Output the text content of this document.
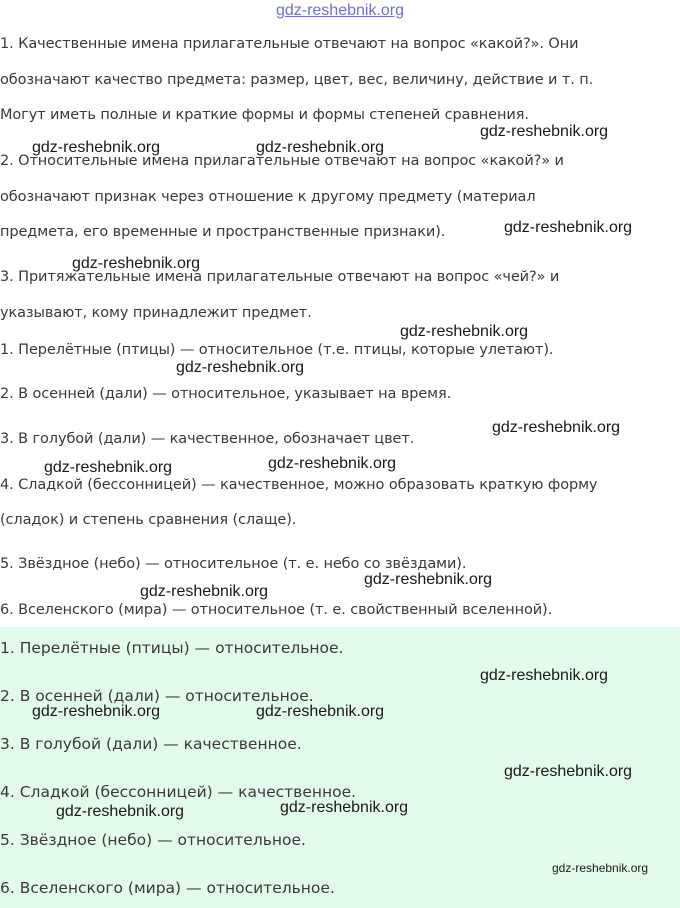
gdz-reshebnik.org
1. Качественные имена прилагательные отвечают на вопрос «какой?». Они
обозначают качество предмета: размер, цвет, вес, величину, действие и т. п.
Могут иметь полные и краткие формы и формы степеней сравнения.
2. Относительные имена прилагательные отвечают на вопрос «какой?» и
обозначают признак через отношение к другому предмету (материал
предмета, его временные и пространственные признаки).
3. Притяжательные имена прилагательные отвечают на вопрос «чей?» и
указывают, кому принадлежит предмет.
1. Перелётные (птицы) — относительное (т.е. птицы, которые улетают).
2. В осенней (дали) — относительное, указывает на время.
3. В голубой (дали) — качественное, обозначает цвет.
4. Сладкой (бессонницей) — качественное, можно образовать краткую форму
(сладок) и степень сравнения (слаще).
5. Звёздное (небо) — относительное (т. е. небо со звёздами).
6. Вселенского (мира) — относительное (т. е. свойственный вселенной).
1. Перелётные (птицы) — относительное.
2. В осенней (дали) — относительное.
3. В голубой (дали) — качественное.
4. Сладкой (бессонницей) — качественное.
5. Звёздное (небо) — относительное.
6. Вселенского (мира) — относительное.
gdz-reshebnik.org
gdz-reshebnik.org	gdz-reshebnik.org
gdz-reshebnik.org
gdz-reshebnik.org
gdz-reshebnik.org
gdz-reshebnik.org
gdz-reshebnik.org
gdz-reshebnik.org	gdz-reshebnik.org
gdz-reshebnik.org
gdz-reshebnik.org
gdz-reshebnik.org
gdz-reshebnik.org	gdz-reshebnik.org
gdz-reshebnik.org
gdz-reshebnik.org
gdz-reshebnik.org
gdz-reshebnik.org
